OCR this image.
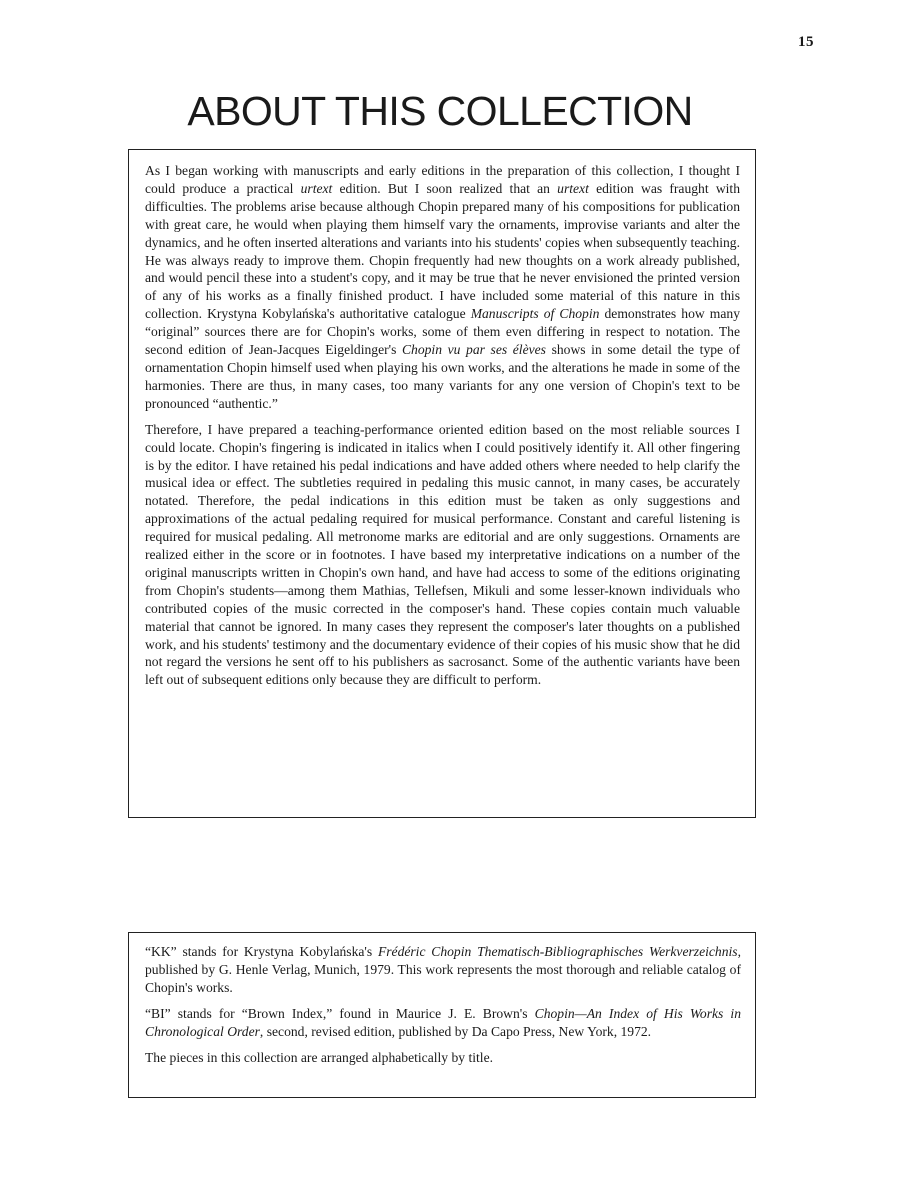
15
ABOUT THIS COLLECTION

As I began working with manuscripts and early editions in the preparation of this collection, I thought I could produce a practical urtext edition. But I soon realized that an urtext edition was fraught with difficulties. The problems arise because although Chopin prepared many of his compositions for publication with great care, he would when playing them himself vary the ornaments, improvise variants and alter the dynamics, and he often inserted alterations and variants into his students' copies when subsequently teaching. He was always ready to improve them. Chopin frequently had new thoughts on a work already published, and would pencil these into a student's copy, and it may be true that he never envisioned the printed version of any of his works as a finally finished product. I have included some material of this nature in this collection. Krystyna Kobylańska's authoritative catalogue Manuscripts of Chopin demonstrates how many “original” sources there are for Chopin's works, some of them even differing in respect to notation. The second edition of Jean-Jacques Eigeldinger's Chopin vu par ses élèves shows in some detail the type of ornamentation Chopin himself used when playing his own works, and the alterations he made in some of the harmonies. There are thus, in many cases, too many variants for any one version of Chopin's text to be pronounced “authentic.”

Therefore, I have prepared a teaching-performance oriented edition based on the most reliable sources I could locate. Chopin's fingering is indicated in italics when I could positively identify it. All other fingering is by the editor. I have retained his pedal indications and have added others where needed to help clarify the musical idea or effect. The subtleties required in pedaling this music cannot, in many cases, be accurately notated. Therefore, the pedal indications in this edition must be taken as only suggestions and approximations of the actual pedaling required for musical performance. Constant and careful listening is required for musical pedaling. All metronome marks are editorial and are only suggestions. Ornaments are realized either in the score or in footnotes. I have based my interpretative indications on a number of the original manuscripts written in Chopin's own hand, and have had access to some of the editions originating from Chopin's students—among them Mathias, Tellefsen, Mikuli and some lesser-known individuals who contributed copies of the music corrected in the composer's hand. These copies contain much valuable material that cannot be ignored. In many cases they represent the composer's later thoughts on a published work, and his students' testimony and the documentary evidence of their copies of his music show that he did not regard the versions he sent off to his publishers as sacrosanct. Some of the authentic variants have been left out of subsequent editions only because they are difficult to perform.

“KK” stands for Krystyna Kobylańska's Frédéric Chopin Thematisch-Bibliographisches Werkverzeichnis, published by G. Henle Verlag, Munich, 1979. This work represents the most thorough and reliable catalog of Chopin's works.

“BI” stands for “Brown Index,” found in Maurice J. E. Brown's Chopin—An Index of His Works in Chronological Order, second, revised edition, published by Da Capo Press, New York, 1972.

The pieces in this collection are arranged alphabetically by title.
